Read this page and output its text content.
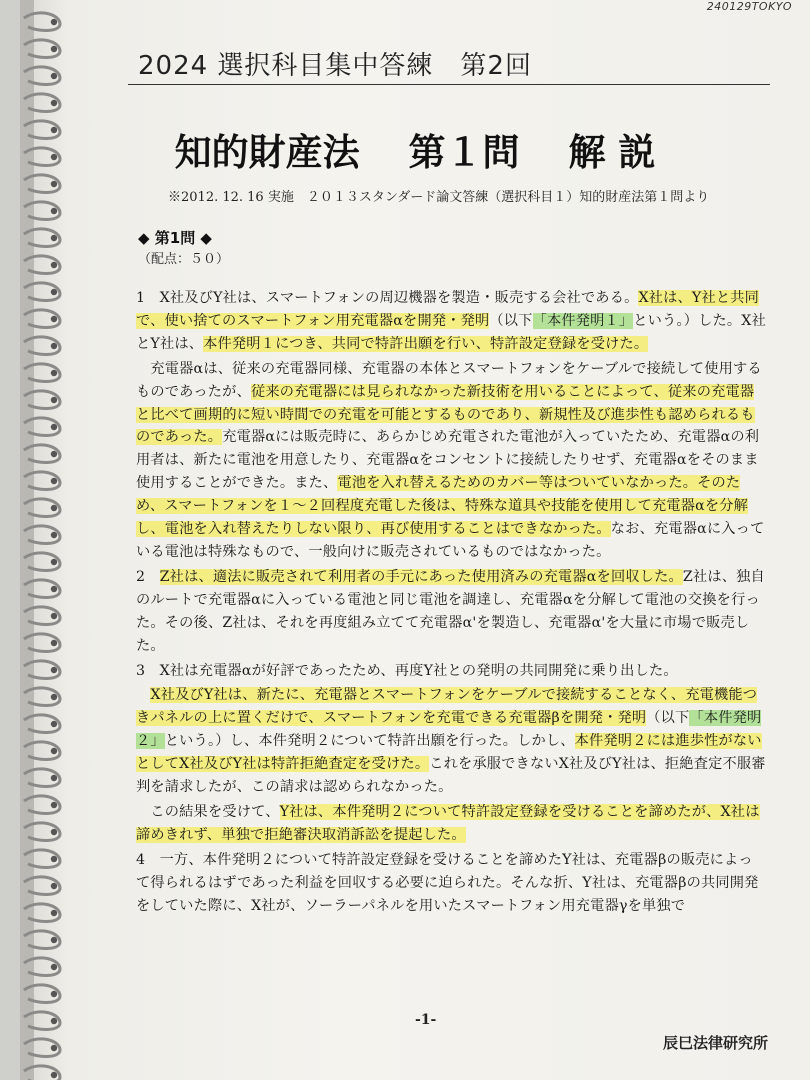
240129TOKYO
2024 選択科目集中答練　第2回
知的財産法 第１問 解 説
※2012. 12. 16 実施　２０１３スタンダード論文答練（選択科目１）知的財産法第１問より
◆ 第1問 ◆
（配点：５０）

1　X社及びY社は、スマートフォンの周辺機器を製造・販売する会社である。X社は、Y社と共同で、使い捨てのスマートフォン用充電器αを開発・発明（以下「本件発明１」という。）した。X社とY社は、本件発明１につき、共同で特許出願を行い、特許設定登録を受けた。

　充電器αは、従来の充電器同様、充電器の本体とスマートフォンをケーブルで接続して使用するものであったが、従来の充電器には見られなかった新技術を用いることによって、従来の充電器と比べて画期的に短い時間での充電を可能とするものであり、新規性及び進歩性も認められるものであった。充電器αには販売時に、あらかじめ充電された電池が入っていたため、充電器αの利用者は、新たに電池を用意したり、充電器αをコンセントに接続したりせず、充電器αをそのまま使用することができた。また、電池を入れ替えるためのカバー等はついていなかった。そのため、スマートフォンを１～２回程度充電した後は、特殊な道具や技能を使用して充電器αを分解し、電池を入れ替えたりしない限り、再び使用することはできなかった。なお、充電器αに入っている電池は特殊なもので、一般向けに販売されているものではなかった。

2　Z社は、適法に販売されて利用者の手元にあった使用済みの充電器αを回収した。Z社は、独自のルートで充電器αに入っている電池と同じ電池を調達し、充電器αを分解して電池の交換を行った。その後、Z社は、それを再度組み立てて充電器α'を製造し、充電器α'を大量に市場で販売した。

3　X社は充電器αが好評であったため、再度Y社との発明の共同開発に乗り出した。

　X社及びY社は、新たに、充電器とスマートフォンをケーブルで接続することなく、充電機能つきパネルの上に置くだけで、スマートフォンを充電できる充電器βを開発・発明（以下「本件発明２」という。）し、本件発明２について特許出願を行った。しかし、本件発明２には進歩性がないとしてX社及びY社は特許拒絶査定を受けた。これを承服できないX社及びY社は、拒絶査定不服審判を請求したが、この請求は認められなかった。

　この結果を受けて、Y社は、本件発明２について特許設定登録を受けることを諦めたが、X社は諦めきれず、単独で拒絶審決取消訴訟を提起した。

4　一方、本件発明２について特許設定登録を受けることを諦めたY社は、充電器βの販売によって得られるはずであった利益を回収する必要に迫られた。そんな折、Y社は、充電器βの共同開発をしていた際に、X社が、ソーラーパネルを用いたスマートフォン用充電器γを単独で

-1-
辰巳法律研究所
